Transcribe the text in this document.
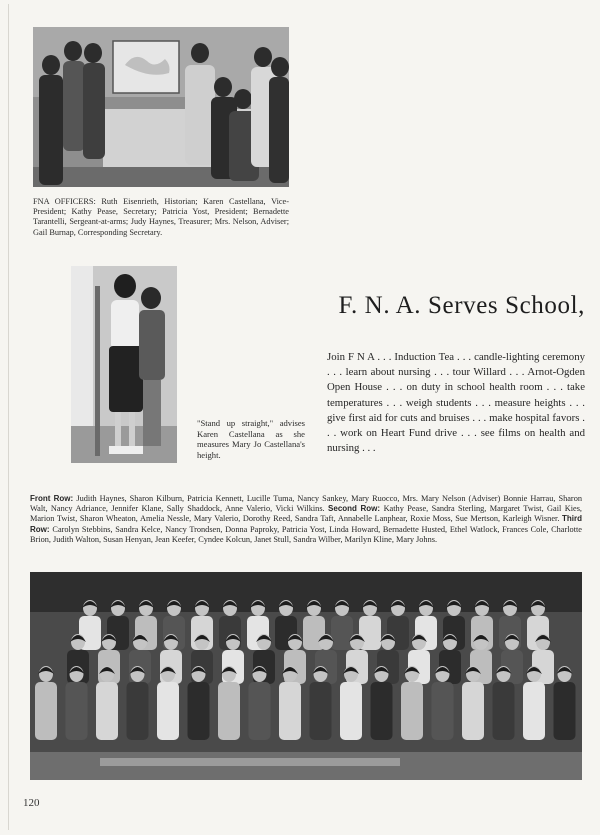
FNA OFFICERS: Ruth Eisenrieth, Historian; Karen Castellana, Vice-President; Kathy Pease, Secretary; Patricia Yost, President; Bernadette Tarantelli, Sergeant-at-arms; Judy Haynes, Treasurer; Mrs. Nelson, Adviser; Gail Burnap, Corresponding Secretary.
"Stand up straight," advises Karen Castellana as she measures Mary Jo Castellana's height.
F. N. A. Serves School,
Join F N A . . . Induction Tea . . . candle-lighting ceremony . . . learn about nursing . . . tour Willard . . . Arnot-Ogden Open House . . . on duty in school health room . . . take temperatures . . . weigh students . . . measure heights . . . give first aid for cuts and bruises . . . make hospital favors . . . work on Heart Fund drive . . . see films on health and nursing . . .
Front Row: Judith Haynes, Sharon Kilburn, Patricia Kennett, Lucille Tuma, Nancy Sankey, Mary Ruocco, Mrs. Mary Nelson (Adviser) Bonnie Harrau, Sharon Walt, Nancy Adriance, Jennifer Klane, Sally Shaddock, Anne Valerio, Vicki Wilkins. Second Row: Kathy Pease, Sandra Sterling, Margaret Twist, Gail Kies, Marion Twist, Sharon Wheaton, Amelia Nessle, Mary Valerio, Dorothy Reed, Sandra Taft, Annabelle Lanphear, Roxie Moss, Sue Mertson, Karleigh Wisner. Third Row: Carolyn Stebbins, Sandra Kelce, Nancy Trondsen, Donna Paproky, Patricia Yost, Linda Howard, Bernadette Husted, Ethel Watlock, Frances Cole, Charlotte Brion, Judith Walton, Susan Henyan, Jean Keefer, Cyndee Kolcun, Janet Stull, Sandra Wilber, Marilyn Kline, Mary Johns.
120
